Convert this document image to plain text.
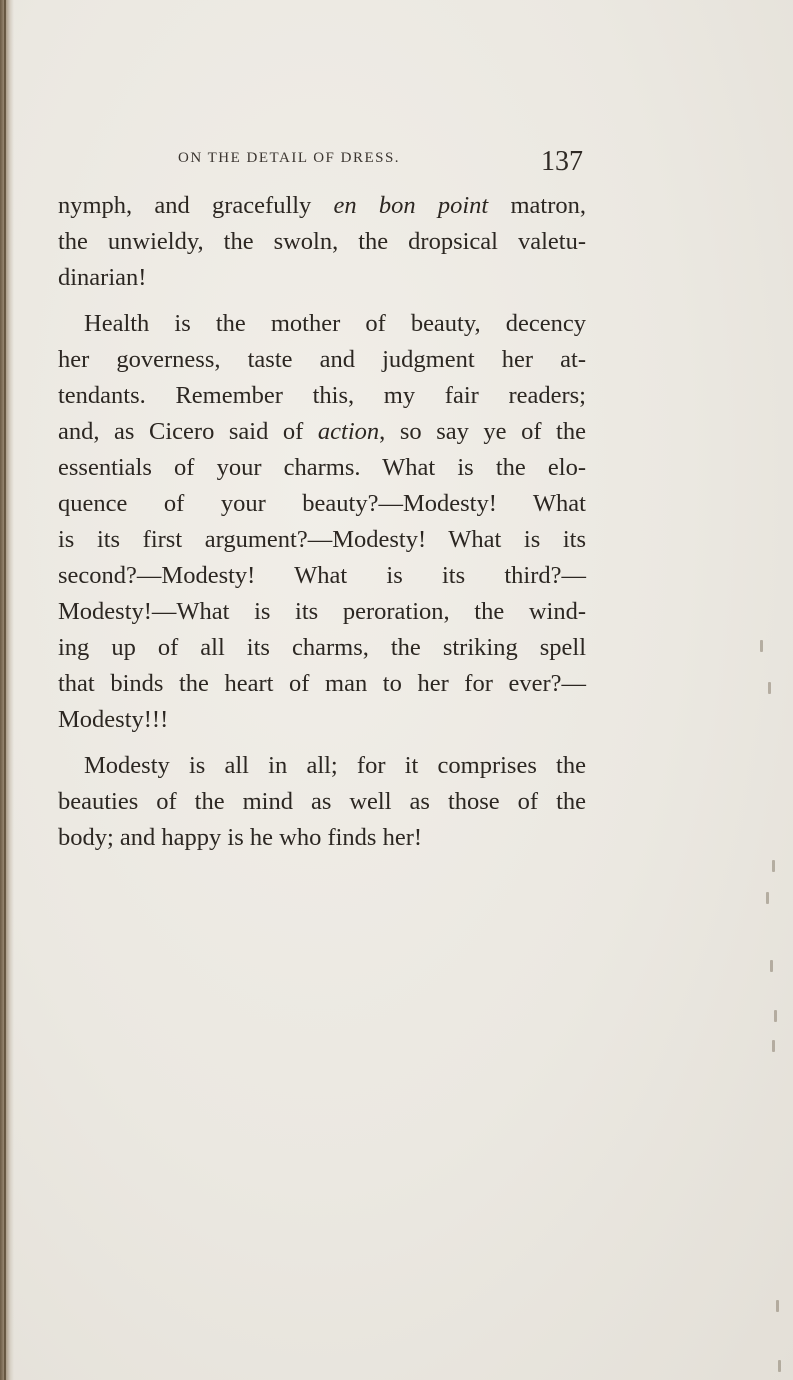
ON THE DETAIL OF DRESS.	137
nymph, and gracefully en bon point matron,
the unwieldy, the swoln, the dropsical valetu-
dinarian!
Health is the mother of beauty, decency
her governess, taste and judgment her at-
tendants. Remember this, my fair readers;
and, as Cicero said of action, so say ye of the
essentials of your charms. What is the elo-
quence of your beauty?—Modesty! What
is its first argument?—Modesty! What is its
second?—Modesty! What is its third?—
Modesty!—What is its peroration, the wind-
ing up of all its charms, the striking spell
that binds the heart of man to her for ever?—
Modesty!!!
Modesty is all in all; for it comprises the
beauties of the mind as well as those of the
body; and happy is he who finds her!
